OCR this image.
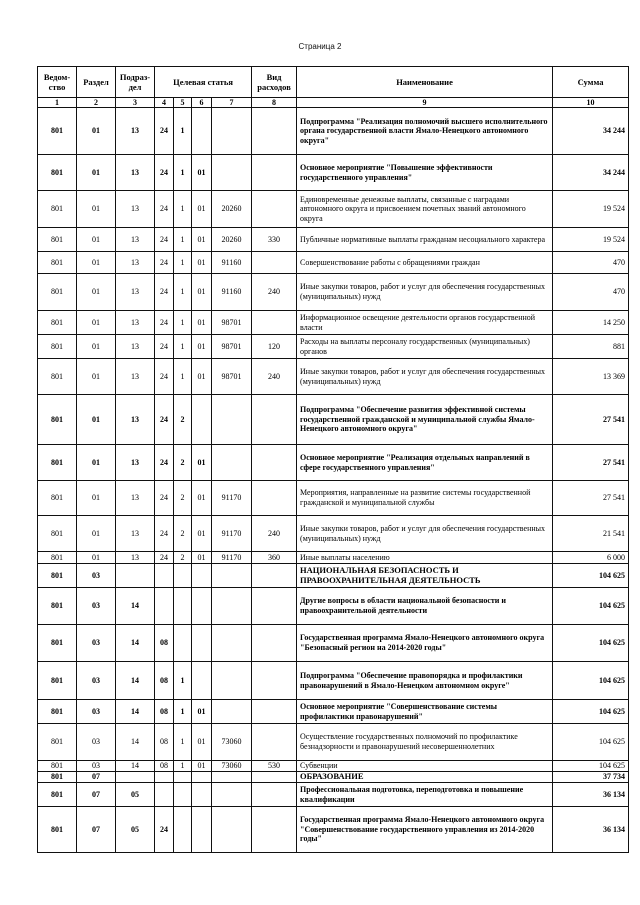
Страница 2
Ведом-ство	Раздел	Подраз-дел	Целевая статья				Вид расходов	Наименование	Сумма
1	2	3	4	5	6	7	8	9	10
801	01	13	24	1				Подпрограмма "Реализация полномочий высшего исполнительного органа государственной власти Ямало-Ненецкого автономного округа"	34 244
801	01	13	24	1	01			Основное мероприятие "Повышение эффективности государственного управления"	34 244
801	01	13	24	1	01	20260		Единовременные денежные выплаты, связанные с наградами автономного округа и присвоением почетных званий автономного округа	19 524
801	01	13	24	1	01	20260	330	Публичные нормативные выплаты гражданам несоциального характера	19 524
801	01	13	24	1	01	91160		Совершенствование работы с обращениями граждан	470
801	01	13	24	1	01	91160	240	Иные закупки товаров, работ и услуг для обеспечения государственных (муниципальных) нужд	470
801	01	13	24	1	01	98701		Информационное освещение деятельности органов государственной власти	14 250
801	01	13	24	1	01	98701	120	Расходы на выплаты персоналу государственных (муниципальных) органов	881
801	01	13	24	1	01	98701	240	Иные закупки товаров, работ и услуг для обеспечения государственных (муниципальных) нужд	13 369
801	01	13	24	2				Подпрограмма "Обеспечение развития эффективной системы государственной гражданской и муниципальной службы Ямало-Ненецкого автономного округа"	27 541
801	01	13	24	2	01			Основное мероприятие "Реализация отдельных направлений в сфере государственного управления"	27 541
801	01	13	24	2	01	91170		Мероприятия, направленные на развитие системы государственной гражданской и муниципальной службы	27 541
801	01	13	24	2	01	91170	240	Иные закупки товаров, работ и услуг для обеспечения государственных (муниципальных) нужд	21 541
801	01	13	24	2	01	91170	360	Иные выплаты населению	6 000
801	03							НАЦИОНАЛЬНАЯ БЕЗОПАСНОСТЬ И ПРАВООХРАНИТЕЛЬНАЯ ДЕЯТЕЛЬНОСТЬ	104 625
801	03	14						Другие вопросы в области национальной безопасности и правоохранительной деятельности	104 625
801	03	14	08					Государственная программа Ямало-Ненецкого автономного округа "Безопасный регион на 2014-2020 годы"	104 625
801	03	14	08	1				Подпрограмма "Обеспечение правопорядка и профилактики правонарушений в Ямало-Ненецком автономном округе"	104 625
801	03	14	08	1	01			Основное мероприятие "Совершенствование системы профилактики правонарушений"	104 625
801	03	14	08	1	01	73060		Осуществление государственных полномочий по профилактике безнадзорности и правонарушений несовершеннолетних	104 625
801	03	14	08	1	01	73060	530	Субвенции	104 625
801	07							ОБРАЗОВАНИЕ	37 734
801	07	05						Профессиональная подготовка, переподготовка и повышение квалификации	36 134
801	07	05	24					Государственная программа Ямало-Ненецкого автономного округа "Совершенствование государственного управления из 2014-2020 годы"	36 134
